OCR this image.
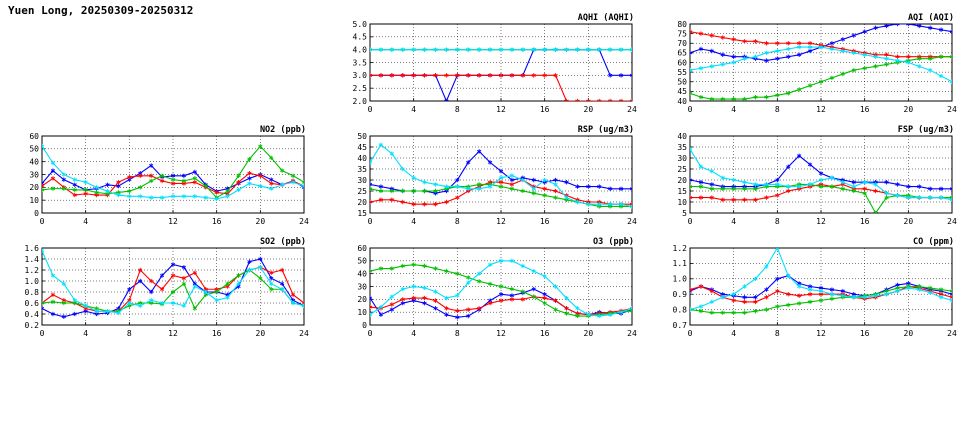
Yuen Long, 20250309-20250312
AQHI (AQHI)
0	4	8	12	16	20	24
2.0
2.5
3.0
3.5
4.0
4.5
5.0
AQI (AQI)
0	4	8	12	16	20	24
40
45
50
55
60
65
70
75
80
NO2 (ppb)
0	4	8	12	16	20	24
0
10
20
30
40
50
60
RSP (ug/m3)
0	4	8	12	16	20	24
15
20
25
30
35
40
45
50
FSP (ug/m3)
0	4	8	12	16	20	24
5
10
15
20
25
30
35
40
SO2 (ppb)
0	4	8	12	16	20	24
0.2
0.4
0.6
0.8
1.0
1.2
1.4
1.6
O3 (ppb)
0	4	8	12	16	20	24
0
10
20
30
40
50
60
CO (ppm)
0	4	8	12	16	20	24
0.7
0.8
0.9
1.0
1.1
1.2
